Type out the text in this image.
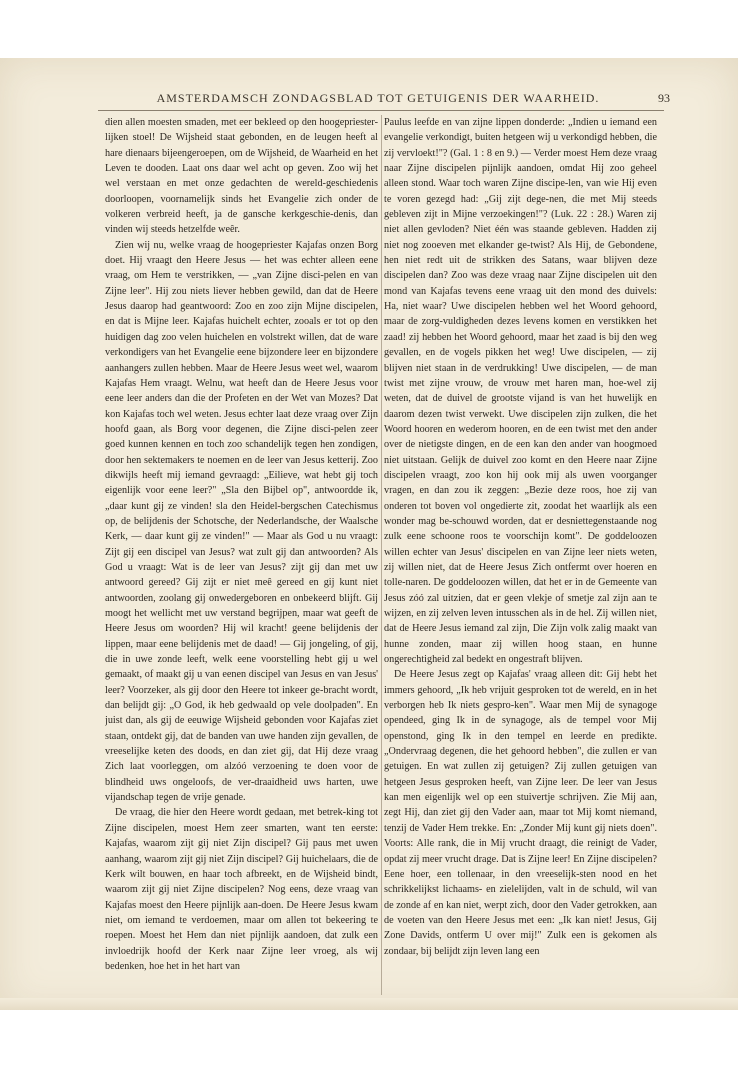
AMSTERDAMSCH ZONDAGSBLAD TOT GETUIGENIS DER WAARHEID.	93

dien allen moesten smaden, met eer bekleed op den hoogepriester-lijken stoel! De Wijsheid staat gebonden, en de leugen heeft al hare dienaars bijeengeroepen, om de Wijsheid, de Waarheid en het Leven te dooden. Laat ons daar wel acht op geven. Zoo wij het wel verstaan en met onze gedachten de wereld-geschiedenis doorloopen, voornamelijk sinds het Evangelie zich onder de volkeren verbreid heeft, ja de gansche kerkgeschie-denis, dan vinden wij steeds hetzelfde weêr.

Zien wij nu, welke vraag de hoogepriester Kajafas onzen Borg doet. Hij vraagt den Heere Jesus — het was echter alleen eene vraag, om Hem te verstrikken, — „van Zijne disci-pelen en van Zijne leer". Hij zou niets liever hebben gewild, dan dat de Heere Jesus daarop had geantwoord: Zoo en zoo zijn Mijne discipelen, en dat is Mijne leer. Kajafas huichelt echter, zooals er tot op den huidigen dag zoo velen huichelen en volstrekt willen, dat de ware verkondigers van het Evangelie eene bijzondere leer en bijzondere aanhangers zullen hebben. Maar de Heere Jesus weet wel, waarom Kajafas Hem vraagt. Welnu, wat heeft dan de Heere Jesus voor eene leer anders dan die der Profeten en der Wet van Mozes? Dat kon Kajafas toch wel weten. Jesus echter laat deze vraag over Zijn hoofd gaan, als Borg voor degenen, die Zijne disci-pelen zeer goed kunnen kennen en toch zoo schandelijk tegen hen zondigen, door hen sektemakers te noemen en de leer van Jesus ketterij. Zoo dikwijls heeft mij iemand gevraagd: „Eilieve, wat hebt gij toch eigenlijk voor eene leer?" „Sla den Bijbel op", antwoordde ik, „daar kunt gij ze vinden! sla den Heidel-bergschen Catechismus op, de belijdenis der Schotsche, der Nederlandsche, der Waalsche Kerk, — daar kunt gij ze vinden!" — Maar als God u nu vraagt: Zijt gij een discipel van Jesus? wat zult gij dan antwoorden? Als God u vraagt: Wat is de leer van Jesus? zijt gij dan met uw antwoord gereed? Gij zijt er niet meê gereed en gij kunt niet antwoorden, zoolang gij onwedergeboren en onbekeerd blijft. Gij moogt het wellicht met uw verstand begrijpen, maar wat geeft de Heere Jesus om woorden? Hij wil kracht! geene belijdenis der lippen, maar eene belijdenis met de daad! — Gij jongeling, of gij, die in uwe zonde leeft, welk eene voorstelling hebt gij u wel gemaakt, of maakt gij u van eenen discipel van Jesus en van Jesus' leer? Voorzeker, als gij door den Heere tot inkeer ge-bracht wordt, dan belijdt gij: „O God, ik heb gedwaald op vele doolpaden". En juist dan, als gij de eeuwige Wijsheid gebonden voor Kajafas ziet staan, ontdekt gij, dat de banden van uwe handen zijn gevallen, de vreeselijke keten des doods, en dan ziet gij, dat Hij deze vraag Zich laat voorleggen, om alzóó verzoening te doen voor de blindheid uws ongeloofs, de ver-draaidheid uws harten, uwe vijandschap tegen de vrije genade.

De vraag, die hier den Heere wordt gedaan, met betrek-king tot Zijne discipelen, moest Hem zeer smarten, want ten eerste: Kajafas, waarom zijt gij niet Zijn discipel? Gij paus met uwen aanhang, waarom zijt gij niet Zijn discipel? Gij huichelaars, die de Kerk wilt bouwen, en haar toch afbreekt, en de Wijsheid bindt, waarom zijt gij niet Zijne discipelen? Nog eens, deze vraag van Kajafas moest den Heere pijnlijk aan-doen. De Heere Jesus kwam niet, om iemand te verdoemen, maar om allen tot bekeering te roepen. Moest het Hem dan niet pijnlijk aandoen, dat zulk een invloedrijk hoofd der Kerk naar Zijne leer vroeg, als wij bedenken, hoe het in het hart van

Paulus leefde en van zijne lippen donderde: „Indien u iemand een evangelie verkondigt, buiten hetgeen wij u verkondigd hebben, die zij vervloekt!"? (Gal. 1 : 8 en 9.) — Verder moest Hem deze vraag naar Zijne discipelen pijnlijk aandoen, omdat Hij zoo geheel alleen stond. Waar toch waren Zijne discipe-len, van wie Hij even te voren gezegd had: „Gij zijt dege-nen, die met Mij steeds gebleven zijt in Mijne verzoekingen!"? (Luk. 22 : 28.) Waren zij niet allen gevloden? Niet één was staande gebleven. Hadden zij niet nog zooeven met elkander ge-twist? Als Hij, de Gebondene, hen niet redt uit de strikken des Satans, waar blijven deze discipelen dan? Zoo was deze vraag naar Zijne discipelen uit den mond van Kajafas tevens eene vraag uit den mond des duivels: Ha, niet waar? Uwe discipelen hebben wel het Woord gehoord, maar de zorg-vuldigheden dezes levens komen en verstikken het zaad! zij hebben het Woord gehoord, maar het zaad is bij den weg gevallen, en de vogels pikken het weg! Uwe discipelen, — zij blijven niet staan in de verdrukking! Uwe discipelen, — de man twist met zijne vrouw, de vrouw met haren man, hoe-wel zij weten, dat de duivel de grootste vijand is van het huwelijk en daarom dezen twist verwekt. Uwe discipelen zijn zulken, die het Woord hooren en wederom hooren, en de een twist met den ander over de nietigste dingen, en de een kan den ander van hoogmoed niet uitstaan. Gelijk de duivel zoo komt en den Heere naar Zijne discipelen vraagt, zoo kon hij ook mij als uwen voorganger vragen, en dan zou ik zeggen: „Bezie deze roos, hoe zij van onderen tot boven vol ongedierte zit, zoodat het waarlijk als een wonder mag be-schouwd worden, dat er desniettegenstaande nog zulk eene schoone roos te voorschijn komt". De goddeloozen willen echter van Jesus' discipelen en van Zijne leer niets weten, zij willen niet, dat de Heere Jesus Zich ontfermt over hoeren en tolle-naren. De goddeloozen willen, dat het er in de Gemeente van Jesus zóó zal uitzien, dat er geen vlekje of smetje zal zijn aan te wijzen, en zij zelven leven intusschen als in de hel. Zij willen niet, dat de Heere Jesus iemand zal zijn, Die Zijn volk zalig maakt van hunne zonden, maar zij willen hoog staan, en hunne ongerechtigheid zal bedekt en ongestraft blijven.

De Heere Jesus zegt op Kajafas' vraag alleen dit: Gij hebt het immers gehoord, „Ik heb vrijuit gesproken tot de wereld, en in het verborgen heb Ik niets gespro-ken". Waar men Mij de synagoge opendeed, ging Ik in de synagoge, als de tempel voor Mij openstond, ging Ik in den tempel en leerde en predikte. „Ondervraag degenen, die het gehoord hebben", die zullen er van getuigen. En wat zullen zij getuigen? Zij zullen getuigen van hetgeen Jesus gesproken heeft, van Zijne leer. De leer van Jesus kan men eigenlijk wel op een stuivertje schrijven. Zie Mij aan, zegt Hij, dan ziet gij den Vader aan, maar tot Mij komt niemand, tenzij de Vader Hem trekke. En: „Zonder Mij kunt gij niets doen". Voorts: Alle rank, die in Mij vrucht draagt, die reinigt de Vader, opdat zij meer vrucht drage. Dat is Zijne leer! En Zijne discipelen? Eene hoer, een tollenaar, in den vreeselijk-sten nood en het schrikkelijkst lichaams- en zielelijden, valt in de schuld, wil van de zonde af en kan niet, werpt zich, door den Vader getrokken, aan de voeten van den Heere Jesus met een: „Ik kan niet! Jesus, Gij Zone Davids, ontferm U over mij!" Zulk een is gekomen als zondaar, bij belijdt zijn leven lang een
